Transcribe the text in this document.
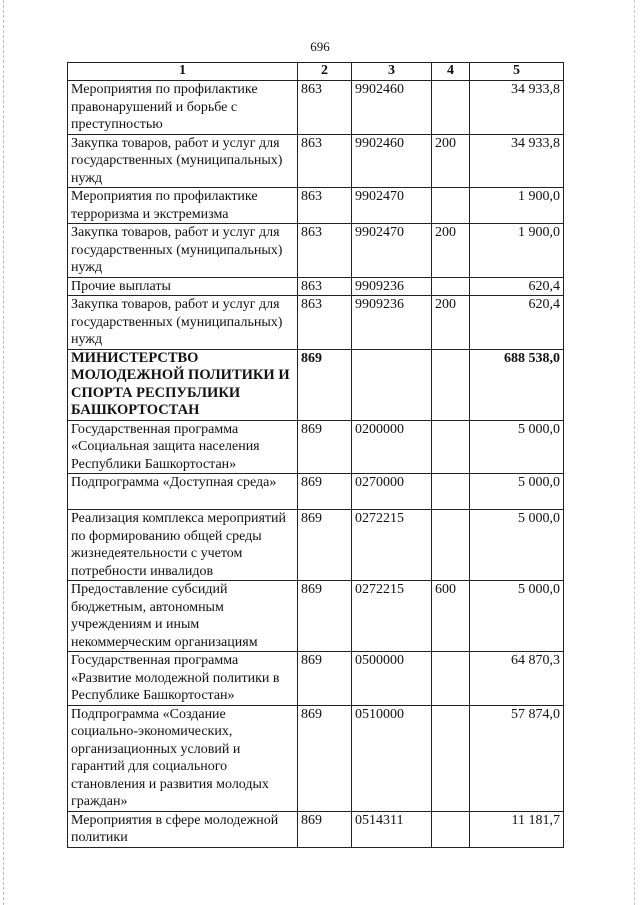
696
1	2	3	4	5
Мероприятия по профилактике правонарушений и борьбе с преступностью	863	9902460		34 933,8
Закупка товаров, работ и услуг для государственных (муниципальных) нужд	863	9902460	200	34 933,8
Мероприятия по профилактике терроризма и экстремизма	863	9902470		1 900,0
Закупка товаров, работ и услуг для государственных (муниципальных) нужд	863	9902470	200	1 900,0
Прочие выплаты	863	9909236		620,4
Закупка товаров, работ и услуг для государственных (муниципальных) нужд	863	9909236	200	620,4
МИНИСТЕРСТВО МОЛОДЕЖНОЙ ПОЛИТИКИ И СПОРТА РЕСПУБЛИКИ БАШКОРТОСТАН	869			688 538,0
Государственная программа «Социальная защита населения Республики Башкортостан»	869	0200000		5 000,0
Подпрограмма «Доступная среда»	869	0270000		5 000,0
Реализация комплекса мероприятий по формированию общей среды жизнедеятельности с учетом потребности инвалидов	869	0272215		5 000,0
Предоставление субсидий бюджетным, автономным учреждениям и иным некоммерческим организациям	869	0272215	600	5 000,0
Государственная программа «Развитие молодежной политики в Республике Башкортостан»	869	0500000		64 870,3
Подпрограмма «Создание социально-экономических, организационных условий и гарантий для социального становления и развития молодых граждан»	869	0510000		57 874,0
Мероприятия в сфере молодежной политики	869	0514311		11 181,7
